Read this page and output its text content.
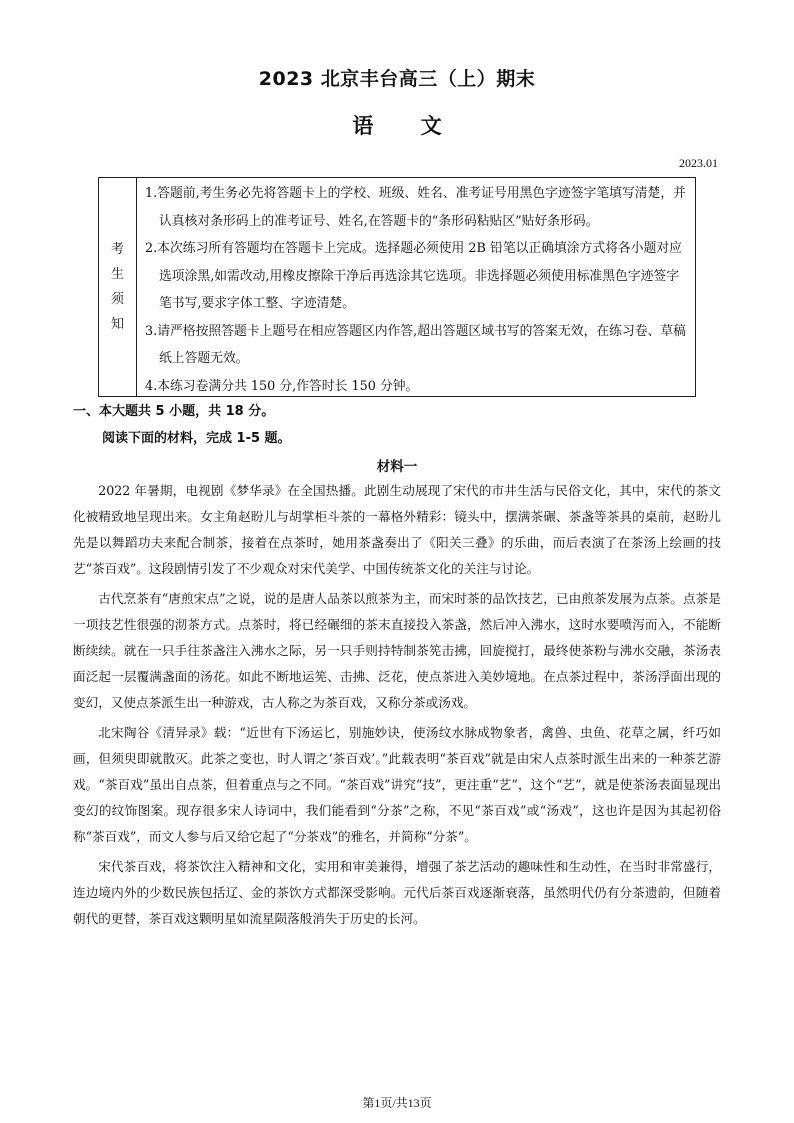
2023 北京丰台高三（上）期末
语 文
2023.01
考
生
须
知
1.答题前,考生务必先将答题卡上的学校、班级、姓名、准考证号用黑色字迹签字笔填写清楚，并认真核对条形码上的准考证号、姓名,在答题卡的“条形码粘贴区”贴好条形码。
2.本次练习所有答题均在答题卡上完成。选择题必须使用 2B 铅笔以正确填涂方式将各小题对应选项涂黑,如需改动,用橡皮擦除干净后再选涂其它选项。非选择题必须使用标准黑色字迹签字笔书写,要求字体工整、字迹清楚。
3.请严格按照答题卡上题号在相应答题区内作答,超出答题区域书写的答案无效，在练习卷、草稿纸上答题无效。
4.本练习卷满分共 150 分,作答时长 150 分钟。
一、本大题共 5 小题，共 18 分。
阅读下面的材料，完成 1-5 题。
材料一

2022 年暑期，电视剧《梦华录》在全国热播。此剧生动展现了宋代的市井生活与民俗文化，其中，宋代的茶文化被精致地呈现出来。女主角赵盼儿与胡掌柜斗茶的一幕格外精彩：镜头中，摆满茶碾、茶盏等茶具的桌前，赵盼儿先是以舞蹈功夫来配合制茶，接着在点茶时，她用茶盏奏出了《阳关三叠》的乐曲，而后表演了在茶汤上绘画的技艺“茶百戏”。这段剧情引发了不少观众对宋代美学、中国传统茶文化的关注与讨论。

古代烹茶有“唐煎宋点”之说，说的是唐人品茶以煎茶为主，而宋时茶的品饮技艺，已由煎茶发展为点茶。点茶是一项技艺性很强的沏茶方式。点茶时，将已经碾细的茶末直接投入茶盏，然后冲入沸水，这时水要喷泻而入，不能断断续续。就在一只手往茶盏注入沸水之际，另一只手则持特制茶筅击拂，回旋搅打，最终使茶粉与沸水交融，茶汤表面泛起一层覆满盏面的汤花。如此不断地运筅、击拂、泛花，使点茶进入美妙境地。在点茶过程中，茶汤浮面出现的变幻，又使点茶派生出一种游戏，古人称之为茶百戏，又称分茶或汤戏。

北宋陶谷《清异录》载：“近世有下汤运匕，别施妙诀，使汤纹水脉成物象者，禽兽、虫鱼、花草之属，纤巧如画，但须臾即就散灭。此茶之变也，时人谓之‘茶百戏’。”此载表明“茶百戏”就是由宋人点茶时派生出来的一种茶艺游戏。“茶百戏”虽出自点茶，但着重点与之不同。“茶百戏”讲究“技”，更注重“艺”，这个“艺”，就是使茶汤表面显现出变幻的纹饰图案。现存很多宋人诗词中，我们能看到“分茶”之称，不见“茶百戏”或“汤戏”，这也许是因为其起初俗称“茶百戏”，而文人参与后又给它起了“分茶戏”的雅名，并简称“分茶”。

宋代茶百戏，将茶饮注入精神和文化，实用和审美兼得，增强了茶艺活动的趣味性和生动性，在当时非常盛行，连边境内外的少数民族包括辽、金的茶饮方式都深受影响。元代后茶百戏逐渐衰落，虽然明代仍有分茶遗韵，但随着朝代的更替，茶百戏这颗明星如流星陨落般消失于历史的长河。

第1页/共13页
